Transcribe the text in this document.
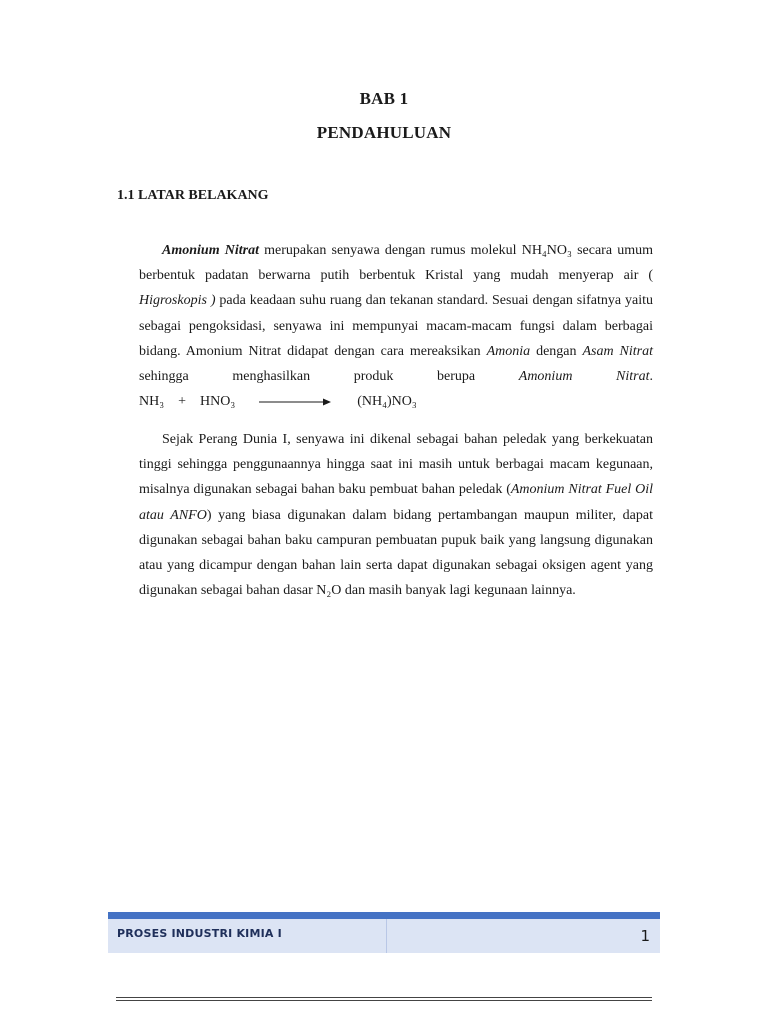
BAB 1
PENDAHULUAN
1.1 LATAR BELAKANG

Amonium Nitrat merupakan senyawa dengan rumus molekul NH₄NO₃ secara umum berbentuk padatan berwarna putih berbentuk Kristal yang mudah menyerap air ( Higroskopis ) pada keadaan suhu ruang dan tekanan standard. Sesuai dengan sifatnya yaitu sebagai pengoksidasi, senyawa ini mempunyai macam-macam fungsi dalam berbagai bidang. Amonium Nitrat didapat dengan cara mereaksikan Amonia dengan Asam Nitrat sehingga menghasilkan produk berupa Amonium Nitrat.
NH₃ + HNO₃	(NH₄)NO₃

Sejak Perang Dunia I, senyawa ini dikenal sebagai bahan peledak yang berkekuatan tinggi sehingga penggunaannya hingga saat ini masih untuk berbagai macam kegunaan, misalnya digunakan sebagai bahan baku pembuat bahan peledak (Amonium Nitrat Fuel Oil atau ANFO) yang biasa digunakan dalam bidang pertambangan maupun militer, dapat digunakan sebagai bahan baku campuran pembuatan pupuk baik yang langsung digunakan atau yang dicampur dengan bahan lain serta dapat digunakan sebagai oksigen agent yang digunakan sebagai bahan dasar N₂O dan masih banyak lagi kegunaan lainnya.

PROSES INDUSTRI KIMIA I	1
